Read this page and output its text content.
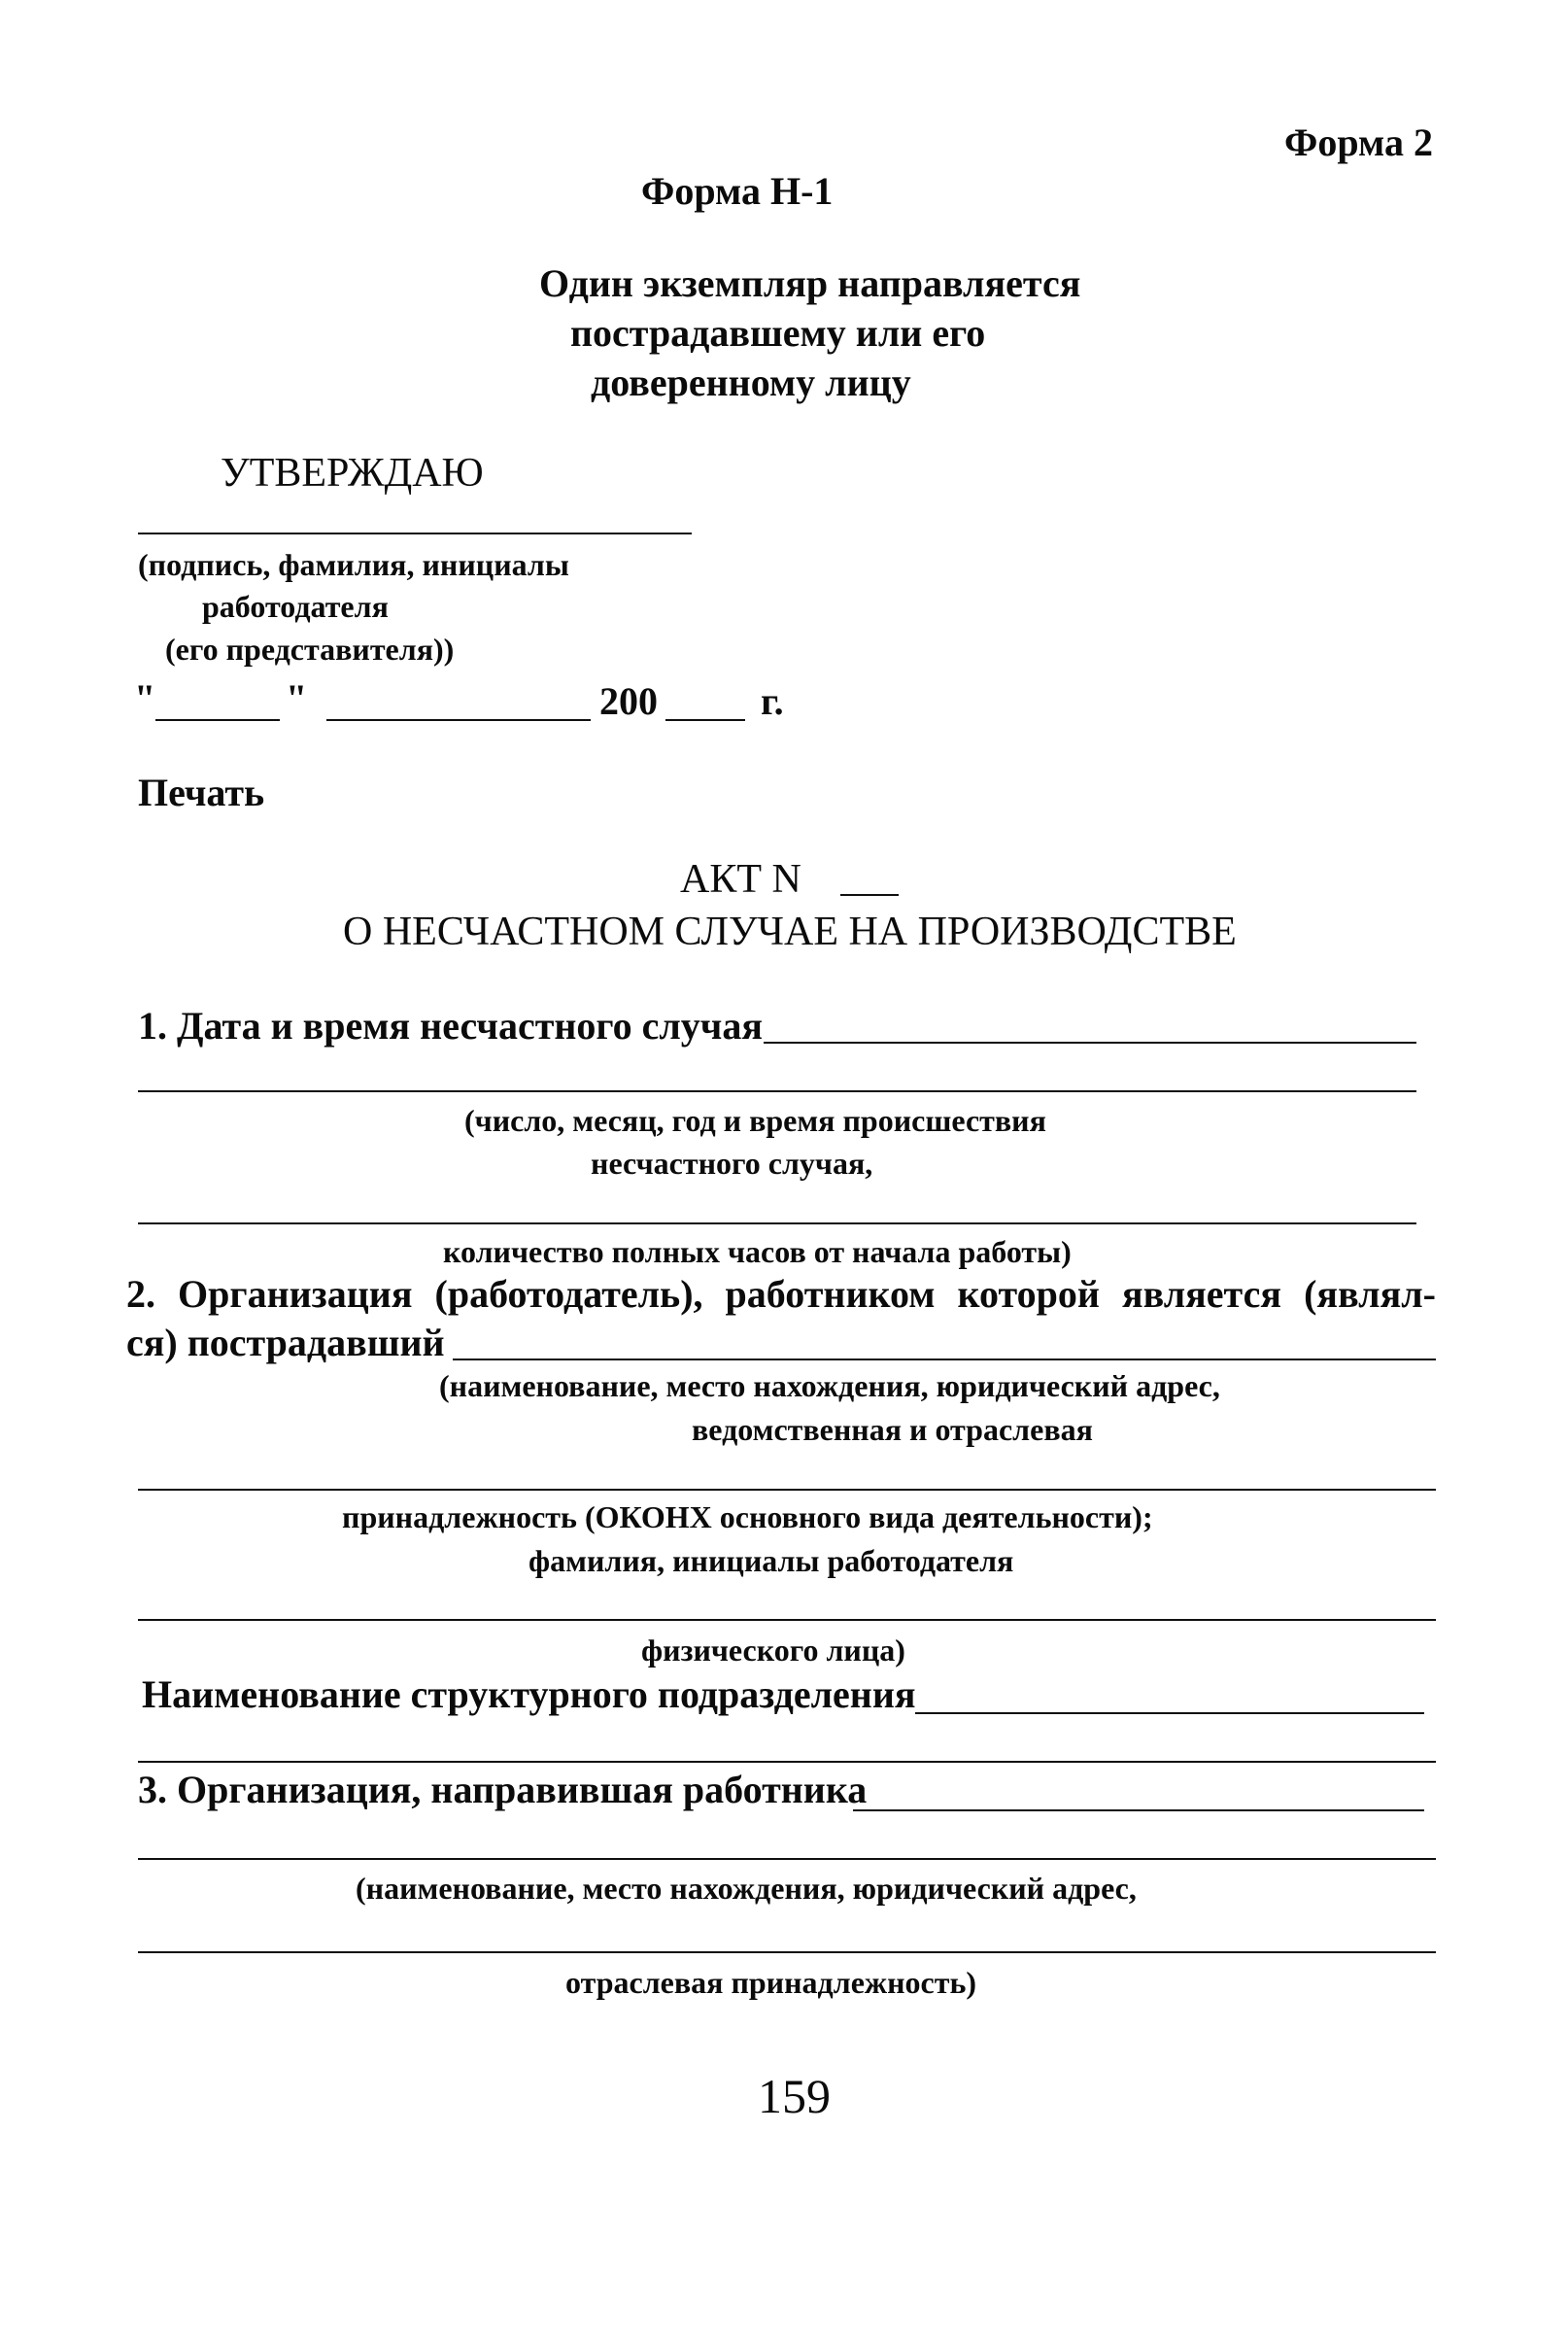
Форма 2
Форма Н-1
Один экземпляр направляется
пострадавшему или его
доверенному лицу
УТВЕРЖДАЮ
(подпись, фамилия, инициалы
работодателя
(его представителя))
"	"	200	г.
Печать
АКТ N
О НЕСЧАСТНОМ СЛУЧАЕ НА ПРОИЗВОДСТВЕ
1. Дата и время несчастного случая
(число, месяц, год и время происшествия
несчастного случая,
количество полных часов от начала работы)
2. Организация (работодатель), работником которой является (являл-
ся) пострадавший
(наименование, место нахождения, юридический адрес,
ведомственная и отраслевая
принадлежность (ОКОНХ основного вида деятельности);
фамилия, инициалы работодателя
физического лица)
Наименование структурного подразделения
3. Организация, направившая работника
(наименование, место нахождения, юридический адрес,
отраслевая принадлежность)
159
